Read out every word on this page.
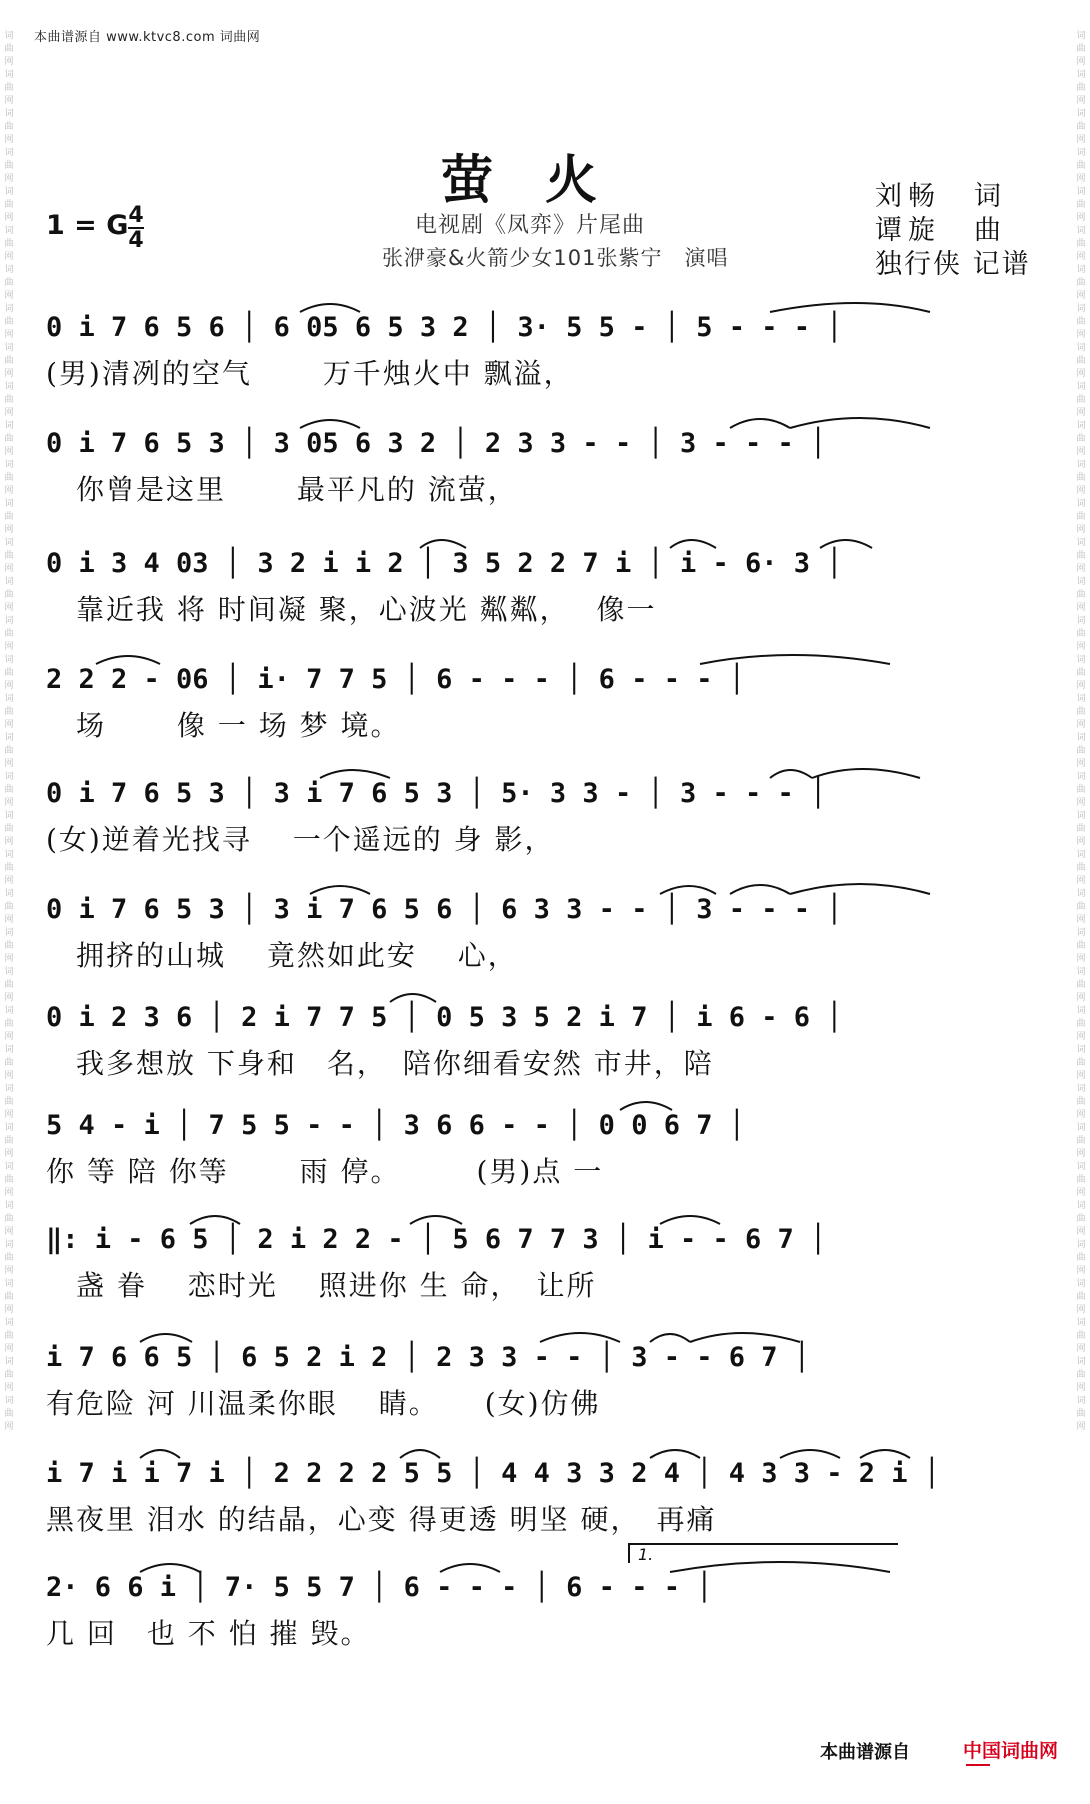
本曲谱源自 www.ktvc8.com 词曲网
词曲网词曲网词曲网词曲网词曲网词曲网词曲网词曲网词曲网词曲网词曲网词曲网词曲网词曲网词曲网词曲网词曲网词曲网词曲网词曲网词曲网词曲网词曲网词曲网词曲网词曲网词曲网词曲网词曲网词曲网词曲网词曲网词曲网词曲网词曲网词曲网
词曲网词曲网词曲网词曲网词曲网词曲网词曲网词曲网词曲网词曲网词曲网词曲网词曲网词曲网词曲网词曲网词曲网词曲网词曲网词曲网词曲网词曲网词曲网词曲网词曲网词曲网词曲网词曲网词曲网词曲网词曲网词曲网词曲网词曲网词曲网词曲网
萤火
1 = G 4
4
电视剧《凤弈》片尾曲
张洢豪&火箭少女101张紫宁　演唱
刘畅　词
谭旋　曲
独行侠 记谱
0 i 7 6 5 6 │ 6 05 6 5 3 2 │ 3· 5 5 - │ 5 - - - │
(男)清冽的空气　　 万千烛火中 飘溢，
0 i 7 6 5 3 │ 3 05 6 3 2 │ 2 3 3 - - │ 3 - - - │
　你曾是这里　　 最平凡的 流萤，
0 i 3 4 03 │ 3 2 i i 2 │ 3 5 2 2 7 i │ i - 6· 3 │
　靠近我 将 时间凝 聚，心波光 粼粼，　 像一
2 2 2 - 06 │ i· 7 7 5 │ 6 - - - │ 6 - - - │
　场　　 像 一 场 梦 境。
0 i 7 6 5 3 │ 3 i 7 6 5 3 │ 5· 3 3 - │ 3 - - - │
(女)逆着光找寻　 一个遥远的 身 影，
0 i 7 6 5 3 │ 3 i 7 6 5 6 │ 6 3 3 - - │ 3 - - - │
　拥挤的山城　 竟然如此安　 心，
0 i 2 3 6 │ 2 i 7 7 5 │ 0 5 3 5 2 i 7 │ i 6 - 6 │
　我多想放 下身和　名，　陪你细看安然 市井，陪
5 4 - i │ 7 5 5 - - │ 3 6 6 - - │ 0 0 6 7 │
你 等 陪 你等　　 雨 停。　　　(男)点 一
‖: i - 6 5 │ 2 i 2 2 - │ 5 6 7 7 3 │ i - - 6 7 │
　盏 眷　 恋时光　 照进你 生 命，　让所
i 7 6 6 5 │ 6 5 2 i 2 │ 2 3 3 - - │ 3 - - 6 7 │
有危险 河 川温柔你眼　 睛。　　(女)仿佛
i 7 i i 7 i │ 2 2 2 2 5 5 │ 4 4 3 3 2 4 │ 4 3 3 - 2 i │
黑夜里 泪水 的结晶，心变 得更透 明坚 硬，　再痛
1.
2· 6 6 i │ 7· 5 5 7 │ 6 - - - │ 6 - - - │
几 回　也 不 怕 摧 毁。
本曲谱源自	中国词曲网
